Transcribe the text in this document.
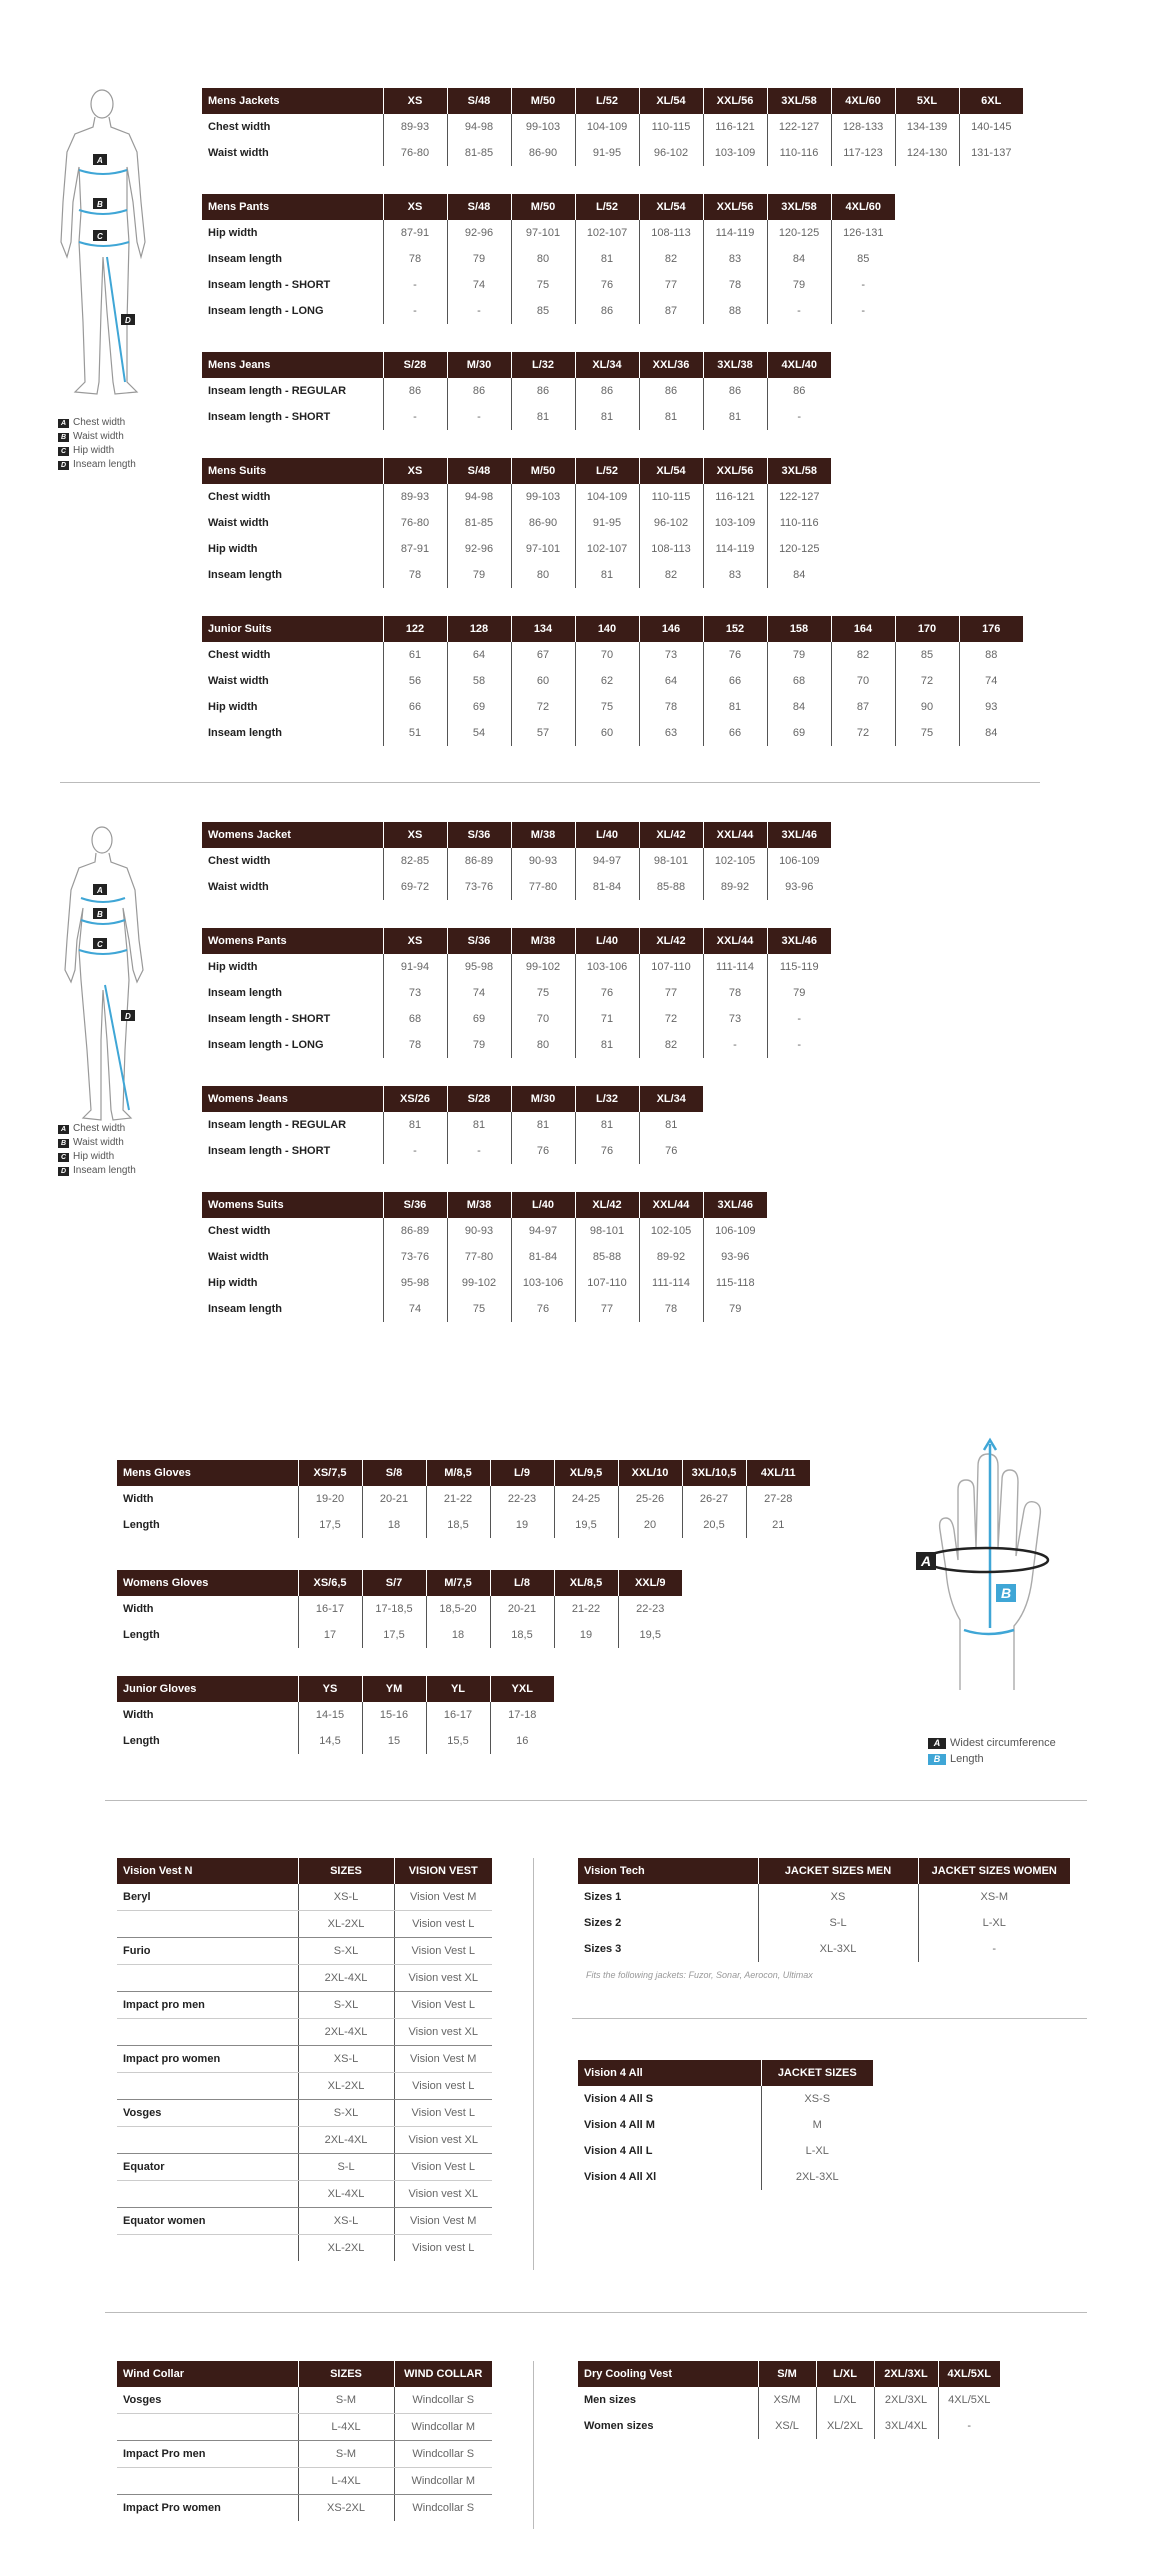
A
B
C
D
A Chest width
B Waist width
C Hip width
D Inseam length
Mens Jackets	XS	S/48	M/50	L/52	XL/54	XXL/56	3XL/58	4XL/60	5XL	6XL
Chest width	89-93	94-98	99-103	104-109	110-115	116-121	122-127	128-133	134-139	140-145
Waist width	76-80	81-85	86-90	91-95	96-102	103-109	110-116	117-123	124-130	131-137
Mens Pants	XS	S/48	M/50	L/52	XL/54	XXL/56	3XL/58	4XL/60
Hip width	87-91	92-96	97-101	102-107	108-113	114-119	120-125	126-131
Inseam length	78	79	80	81	82	83	84	85
Inseam length - SHORT	-	74	75	76	77	78	79	-
Inseam length - LONG	-	-	85	86	87	88	-	-
Mens Jeans	S/28	M/30	L/32	XL/34	XXL/36	3XL/38	4XL/40
Inseam length - REGULAR	86	86	86	86	86	86	86
Inseam length - SHORT	-	-	81	81	81	81	-
Mens Suits	XS	S/48	M/50	L/52	XL/54	XXL/56	3XL/58
Chest width	89-93	94-98	99-103	104-109	110-115	116-121	122-127
Waist width	76-80	81-85	86-90	91-95	96-102	103-109	110-116
Hip width	87-91	92-96	97-101	102-107	108-113	114-119	120-125
Inseam length	78	79	80	81	82	83	84
Junior Suits	122	128	134	140	146	152	158	164	170	176
Chest width	61	64	67	70	73	76	79	82	85	88
Waist width	56	58	60	62	64	66	68	70	72	74
Hip width	66	69	72	75	78	81	84	87	90	93
Inseam length	51	54	57	60	63	66	69	72	75	84
A
B
C
D
A Chest width
B Waist width
C Hip width
D Inseam length
Womens Jacket	XS	S/36	M/38	L/40	XL/42	XXL/44	3XL/46
Chest width	82-85	86-89	90-93	94-97	98-101	102-105	106-109
Waist width	69-72	73-76	77-80	81-84	85-88	89-92	93-96
Womens Pants	XS	S/36	M/38	L/40	XL/42	XXL/44	3XL/46
Hip width	91-94	95-98	99-102	103-106	107-110	111-114	115-119
Inseam length	73	74	75	76	77	78	79
Inseam length - SHORT	68	69	70	71	72	73	-
Inseam length - LONG	78	79	80	81	82	-	-
Womens Jeans	XS/26	S/28	M/30	L/32	XL/34
Inseam length - REGULAR	81	81	81	81	81
Inseam length - SHORT	-	-	76	76	76
Womens Suits	S/36	M/38	L/40	XL/42	XXL/44	3XL/46
Chest width	86-89	90-93	94-97	98-101	102-105	106-109
Waist width	73-76	77-80	81-84	85-88	89-92	93-96
Hip width	95-98	99-102	103-106	107-110	111-114	115-118
Inseam length	74	75	76	77	78	79
Mens Gloves	XS/7,5	S/8	M/8,5	L/9	XL/9,5	XXL/10	3XL/10,5	4XL/11
Width	19-20	20-21	21-22	22-23	24-25	25-26	26-27	27-28
Length	17,5	18	18,5	19	19,5	20	20,5	21
Womens Gloves	XS/6,5	S/7	M/7,5	L/8	XL/8,5	XXL/9
Width	16-17	17-18,5	18,5-20	20-21	21-22	22-23
Length	17	17,5	18	18,5	19	19,5
Junior Gloves	YS	YM	YL	YXL
Width	14-15	15-16	16-17	17-18
Length	14,5	15	15,5	16
A
B
A Widest circumference
B Length
Vision Vest N	SIZES	VISION VEST
Beryl	XS-L	Vision Vest M
	XL-2XL	Vision vest L
Furio	S-XL	Vision Vest L
	2XL-4XL	Vision vest XL
Impact pro men	S-XL	Vision Vest L
	2XL-4XL	Vision vest XL
Impact pro women	XS-L	Vision Vest M
	XL-2XL	Vision vest L
Vosges	S-XL	Vision Vest L
	2XL-4XL	Vision vest XL
Equator	S-L	Vision Vest L
	XL-4XL	Vision vest XL
Equator women	XS-L	Vision Vest M
	XL-2XL	Vision vest L
Vision Tech	JACKET SIZES MEN	JACKET SIZES WOMEN
Sizes 1	XS	XS-M
Sizes 2	S-L	L-XL
Sizes 3	XL-3XL	-
Fits the following jackets: Fuzor, Sonar, Aerocon, Ultimax
Vision 4 All	JACKET SIZES
Vision 4 All S	XS-S
Vision 4 All M	M
Vision 4 All L	L-XL
Vision 4 All Xl	2XL-3XL
Wind Collar	SIZES	WIND COLLAR
Vosges	S-M	Windcollar S
	L-4XL	Windcollar M
Impact Pro men	S-M	Windcollar S
	L-4XL	Windcollar M
Impact Pro women	XS-2XL	Windcollar S
Dry Cooling Vest	S/M	L/XL	2XL/3XL	4XL/5XL
Men sizes	XS/M	L/XL	2XL/3XL	4XL/5XL
Women sizes	XS/L	XL/2XL	3XL/4XL	-
